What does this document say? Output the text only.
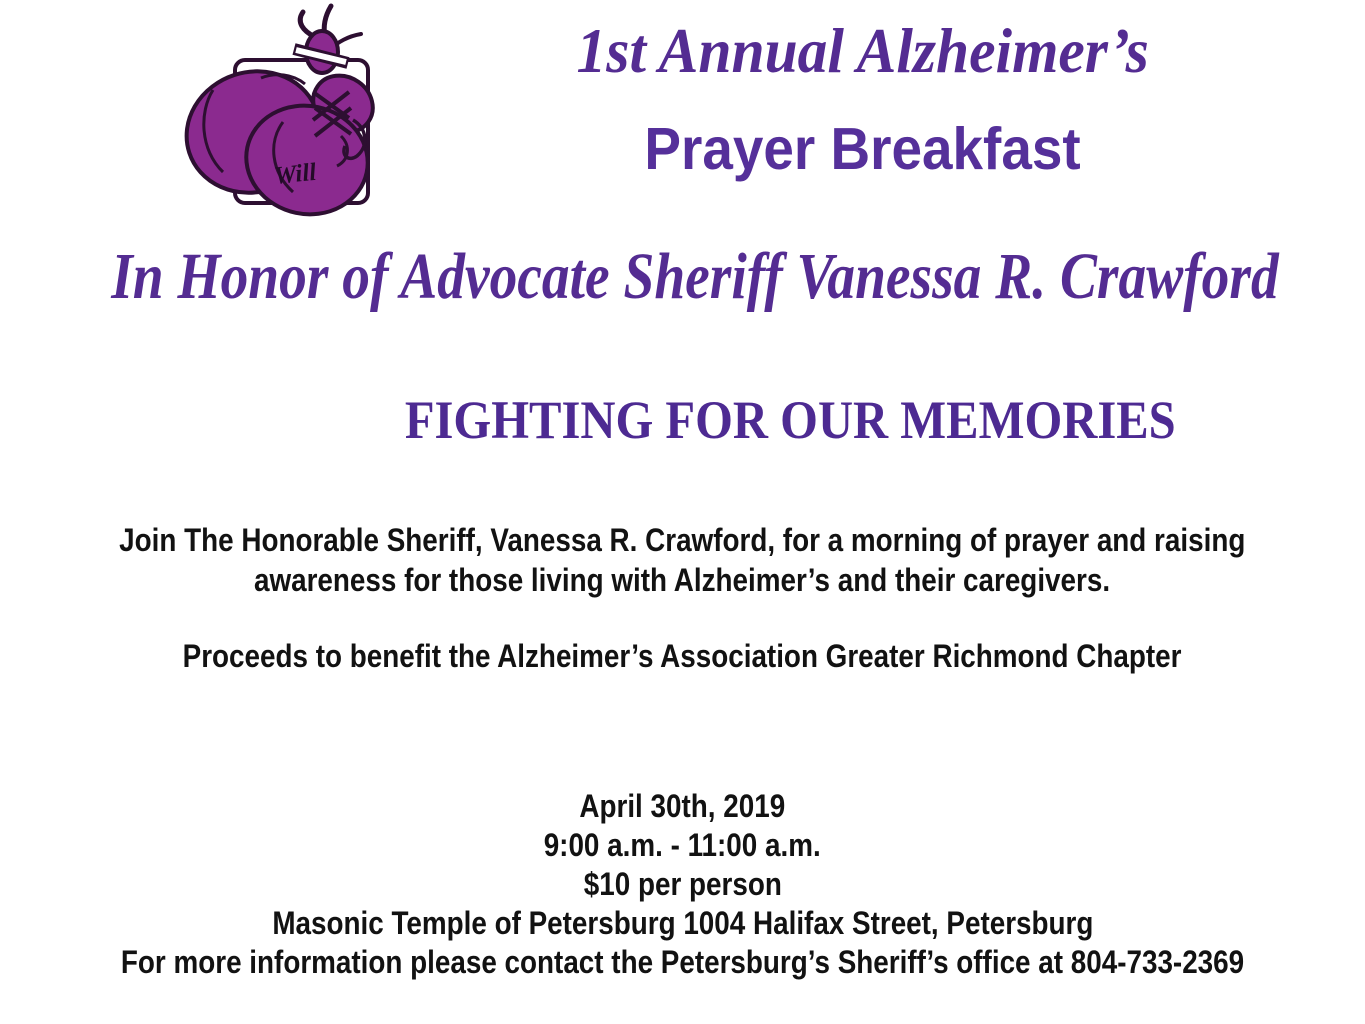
Will
1st Annual Alzheimer’s
Prayer Breakfast
In Honor of Advocate Sheriff Vanessa R. Crawford
FIGHTING FOR OUR MEMORIES
Join The Honorable Sheriff, Vanessa R. Crawford, for a morning of prayer and raising
awareness for those living with Alzheimer’s and their caregivers.
Proceeds to benefit the Alzheimer’s Association Greater Richmond Chapter
April 30th, 2019
9:00 a.m. - 11:00 a.m.
$10 per person
Masonic Temple of Petersburg 1004 Halifax Street, Petersburg
For more information please contact the Petersburg’s Sheriff’s office at 804-733-2369
